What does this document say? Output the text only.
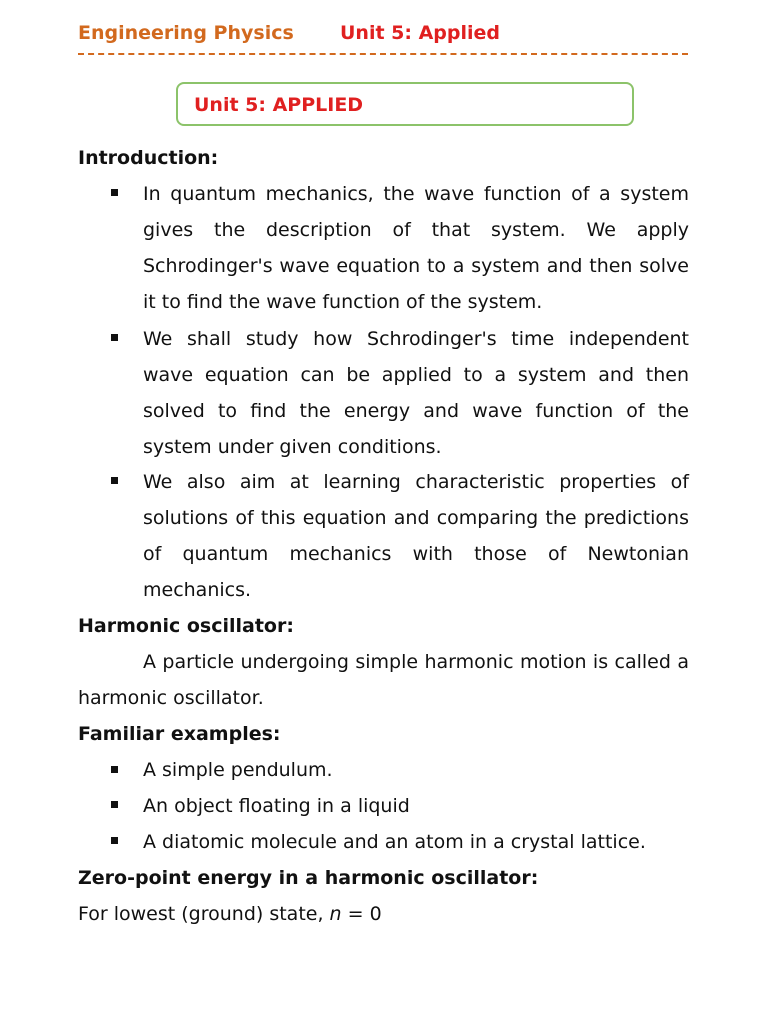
Engineering Physics Unit 5: Applied
Unit 5: APPLIED
Introduction:
In quantum mechanics, the wave function of a system gives the description of that system. We apply Schrodinger's wave equation to a system and then solve it to find the wave function of the system.
We shall study how Schrodinger's time independent wave equation can be applied to a system and then solved to find the energy and wave function of the system under given conditions.
We also aim at learning characteristic properties of solutions of this equation and comparing the predictions of quantum mechanics with those of Newtonian mechanics.
Harmonic oscillator:
A particle undergoing simple harmonic motion is called a harmonic oscillator.
Familiar examples:
A simple pendulum.
An object floating in a liquid
A diatomic molecule and an atom in a crystal lattice.
Zero-point energy in a harmonic oscillator:
For lowest (ground) state, n = 0
